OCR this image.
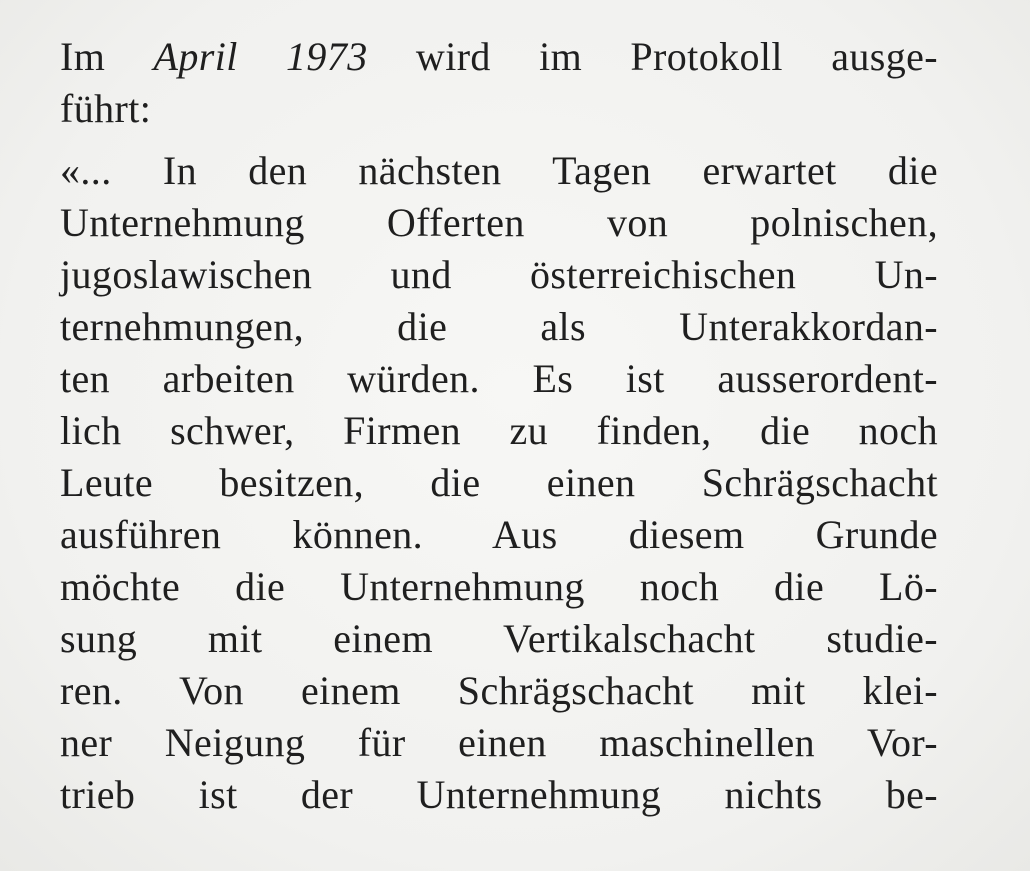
Im April 1973 wird im Protokoll ausge-
führt:
«... In den nächsten Tagen erwartet die
Unternehmung Offerten von polnischen,
jugoslawischen und österreichischen Un-
ternehmungen, die als Unterakkordan-
ten arbeiten würden. Es ist ausserordent-
lich schwer, Firmen zu finden, die noch
Leute besitzen, die einen Schrägschacht
ausführen können. Aus diesem Grunde
möchte die Unternehmung noch die Lö-
sung mit einem Vertikalschacht studie-
ren. Von einem Schrägschacht mit klei-
ner Neigung für einen maschinellen Vor-
trieb ist der Unternehmung nichts be-
